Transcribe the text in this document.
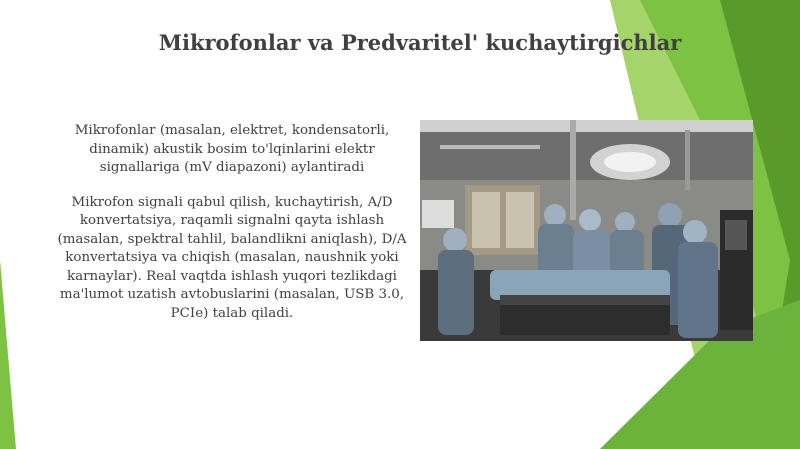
Mikrofonlar va Predvaritel' kuchaytirgichlar

Mikrofonlar (masalan, elektret, kondensatorli, dinamik) akustik bosim to'lqinlarini elektr signallariga (mV diapazoni) aylantiradi

Mikrofon signali qabul qilish, kuchaytirish, A/D konvertatsiya, raqamli signalni qayta ishlash (masalan, spektral tahlil, balandlikni aniqlash), D/A konvertatsiya va chiqish (masalan, naushnik yoki karnaylar). Real vaqtda ishlash yuqori tezlikdagi ma'lumot uzatish avtobuslarini (masalan, USB 3.0, PCIe) talab qiladi.
